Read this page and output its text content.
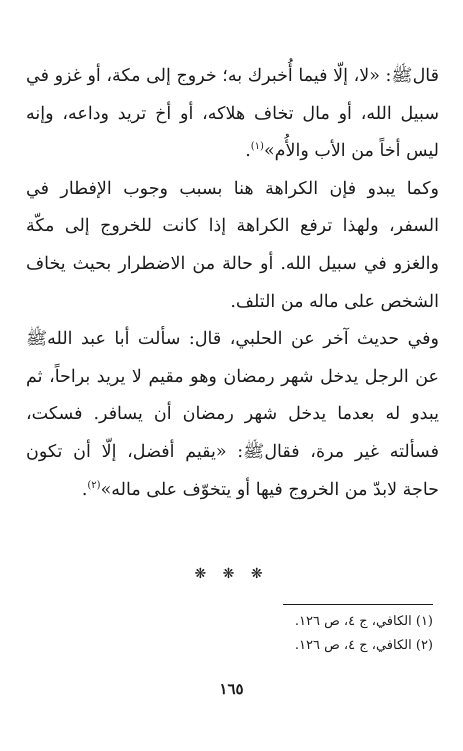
قال‏ﷺ: «لا، إلّا فيما أُخبرك به؛ خروج إلى مكة، أو غزو في سبيل الله، أو مال تخاف هلاكه، أو أخ تريد وداعه، وإنه ليس أخاً من الأب والأُم»$^{(١)}$.

وكما يبدو فإن الكراهة هنا بسبب وجوب الإفطار في السفر، ولهذا ترفع الكراهة إذا كانت للخروج إلى مكّة والغزو في سبيل الله. أو حالة من الاضطرار بحيث يخاف الشخص على ماله من التلف.

وفي حديث آخر عن الحلبي، قال: سألت أبا عبد الله‏ﷺ عن الرجل يدخل شهر رمضان وهو مقيم لا يريد براحاً، ثم يبدو له بعدما يدخل شهر رمضان أن يسافر. فسكت، فسألته غير مرة، فقال‏ﷺ: «يقيم أفضل، إلّا أن تكون حاجة لابدّ من الخروج فيها أو يتخوّف على ماله»$^{(٢)}$.

❋ ❋ ❋
(١) الكافي، ج ٤، ص ١٢٦.
(٢) الكافي، ج ٤، ص ١٢٦.
١٦٥
